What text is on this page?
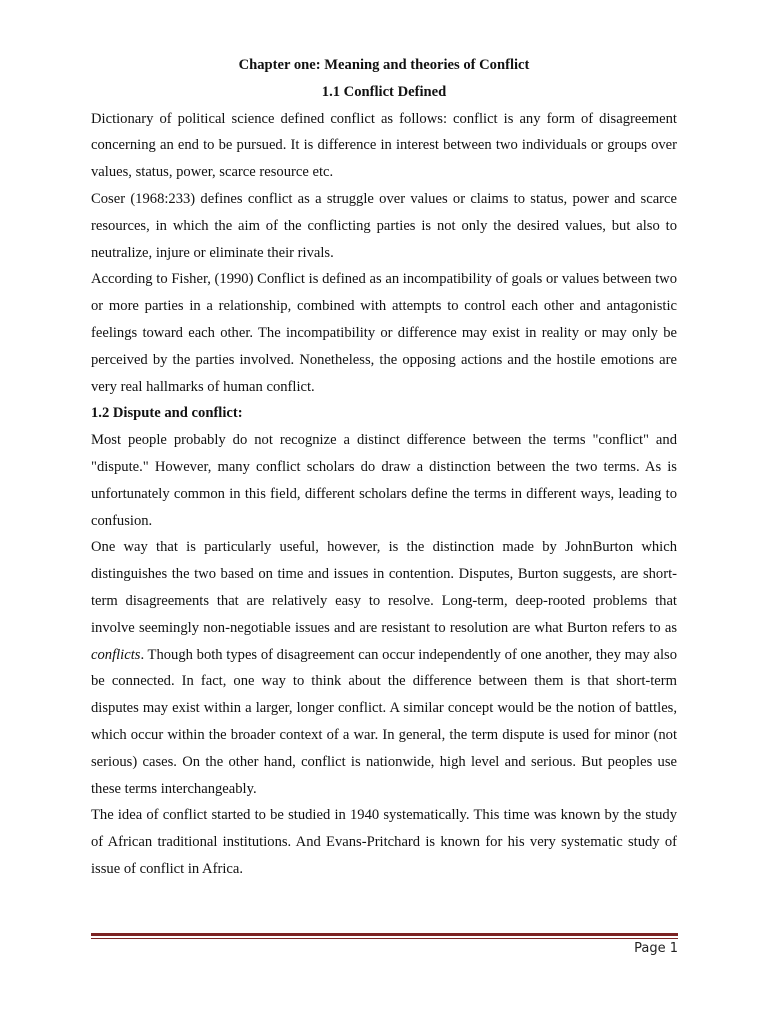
Chapter one: Meaning and theories of Conflict

1.1 Conflict Defined

Dictionary of political science defined conflict as follows: conflict is any form of disagreement concerning an end to be pursued. It is difference in interest between two individuals or groups over values, status, power, scarce resource etc.

Coser (1968:233) defines conflict as a struggle over values or claims to status, power and scarce resources, in which the aim of the conflicting parties is not only the desired values, but also to neutralize, injure or eliminate their rivals.

According to Fisher, (1990) Conflict is defined as an incompatibility of goals or values between two or more parties in a relationship, combined with attempts to control each other and antagonistic feelings toward each other. The incompatibility or difference may exist in reality or may only be perceived by the parties involved. Nonetheless, the opposing actions and the hostile emotions are very real hallmarks of human conflict.

1.2 Dispute and conflict:

Most people probably do not recognize a distinct difference between the terms "conflict" and "dispute." However, many conflict scholars do draw a distinction between the two terms. As is unfortunately common in this field, different scholars define the terms in different ways, leading to confusion.

One way that is particularly useful, however, is the distinction made by JohnBurton which distinguishes the two based on time and issues in contention. Disputes, Burton suggests, are short-term disagreements that are relatively easy to resolve. Long-term, deep-rooted problems that involve seemingly non-negotiable issues and are resistant to resolution are what Burton refers to as conflicts. Though both types of disagreement can occur independently of one another, they may also be connected. In fact, one way to think about the difference between them is that short-term disputes may exist within a larger, longer conflict. A similar concept would be the notion of battles, which occur within the broader context of a war. In general, the term dispute is used for minor (not serious) cases. On the other hand, conflict is nationwide, high level and serious. But peoples use these terms interchangeably.

The idea of conflict started to be studied in 1940 systematically. This time was known by the study of African traditional institutions. And Evans-Pritchard is known for his very systematic study of issue of conflict in Africa.

Page 1
